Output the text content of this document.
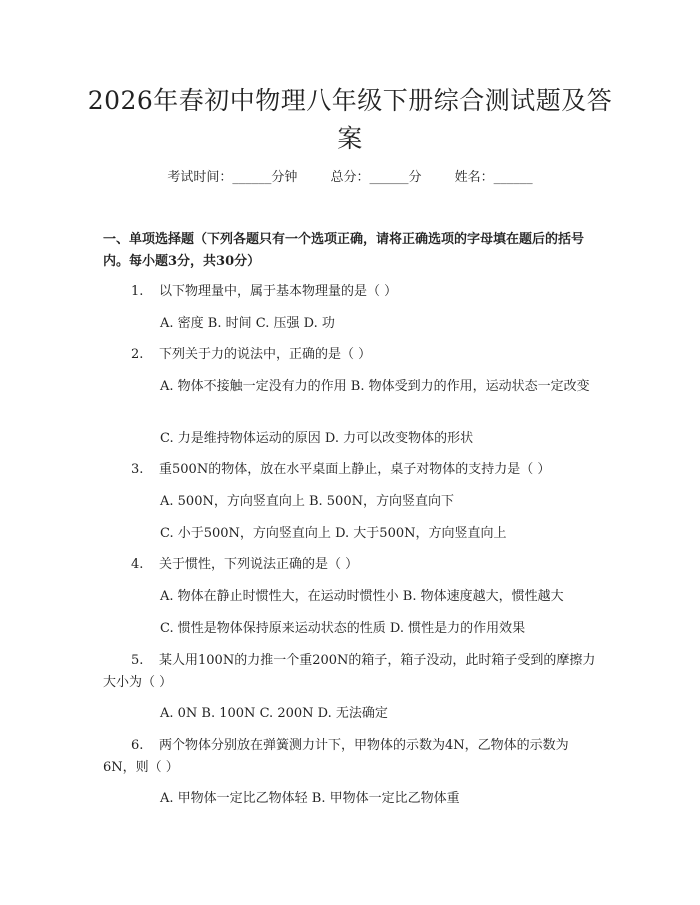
2026年春初中物理八年级下册综合测试题及答案
考试时间：______分钟	总分：______分	姓名：______

一、单项选择题（下列各题只有一个选项正确，请将正确选项的字母填在题后的括号内。每小题3分，共30分）

1. 以下物理量中，属于基本物理量的是（ ）

A. 密度 B. 时间 C. 压强 D. 功

2. 下列关于力的说法中，正确的是（ ）

A. 物体不接触一定没有力的作用 B. 物体受到力的作用，运动状态一定改变

C. 力是维持物体运动的原因 D. 力可以改变物体的形状

3. 重500N的物体，放在水平桌面上静止，桌子对物体的支持力是（ ）

A. 500N，方向竖直向上 B. 500N，方向竖直向下

C. 小于500N，方向竖直向上 D. 大于500N，方向竖直向上

4. 关于惯性，下列说法正确的是（ ）

A. 物体在静止时惯性大，在运动时惯性小 B. 物体速度越大，惯性越大

C. 惯性是物体保持原来运动状态的性质 D. 惯性是力的作用效果

5. 某人用100N的力推一个重200N的箱子，箱子没动，此时箱子受到的摩擦力大小为（ ）

A. 0N B. 100N C. 200N D. 无法确定

6. 两个物体分别放在弹簧测力计下，甲物体的示数为4N，乙物体的示数为6N，则（ ）

A. 甲物体一定比乙物体轻 B. 甲物体一定比乙物体重
